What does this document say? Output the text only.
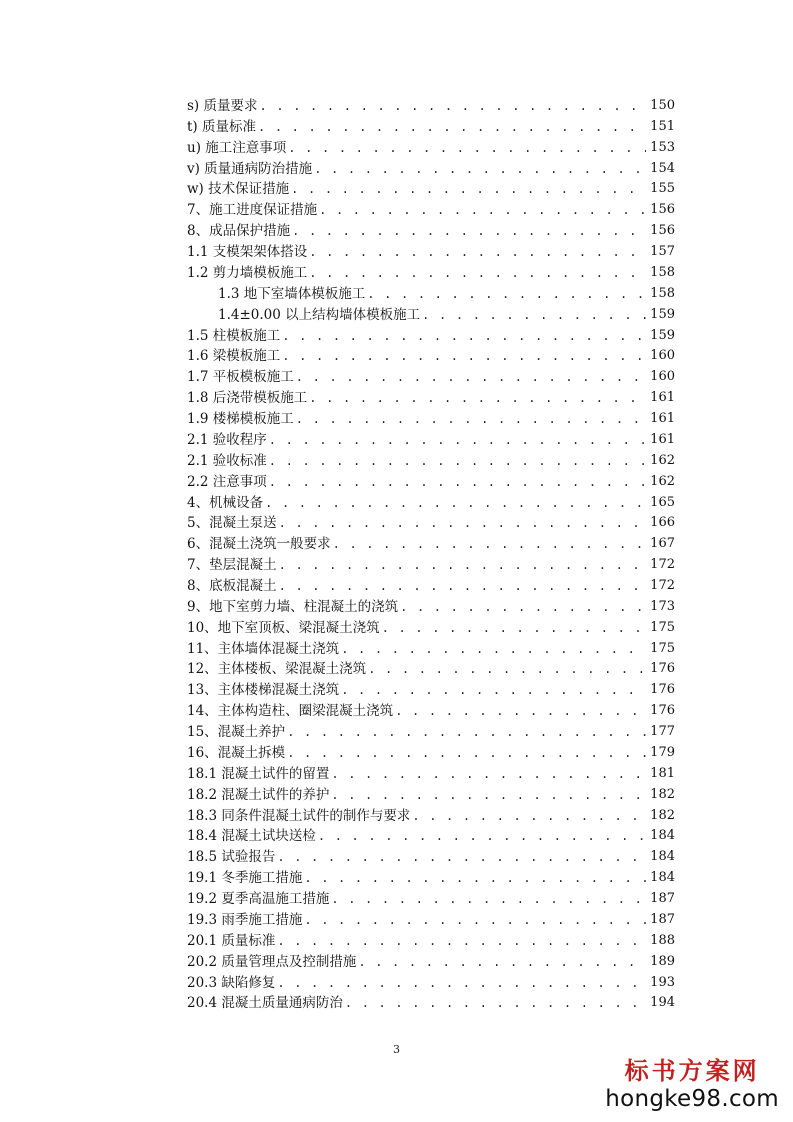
s) 质量要求 . . .	150
t) 质量标准 . . .	151
u) 施工注意事项 . . .	153
v) 质量通病防治措施 . . .	154
w) 技术保证措施 . . .	155
7、施工进度保证措施 . . .	156
8、成品保护措施 . . .	156
1.1 支模架架体搭设 . . .	157
1.2 剪力墙模板施工 . . .	158
1.3 地下室墙体模板施工 . . .	158
1.4±0.00 以上结构墙体模板施工 . . .	159
1.5 柱模板施工 . . .	159
1.6 梁模板施工 . . .	160
1.7 平板模板施工 . . .	160
1.8 后浇带模板施工 . . .	161
1.9 楼梯模板施工 . . .	161
2.1 验收程序 . . .	161
2.1 验收标准 . . .	162
2.2 注意事项 . . .	162
4、机械设备 . . .	165
5、混凝土泵送 . . .	166
6、混凝土浇筑一般要求 . . .	167
7、垫层混凝土 . . .	172
8、底板混凝土 . . .	172
9、地下室剪力墙、柱混凝土的浇筑 . . .	173
10、地下室顶板、梁混凝土浇筑 . . .	175
11、主体墙体混凝土浇筑 . . .	175
12、主体楼板、梁混凝土浇筑 . . .	176
13、主体楼梯混凝土浇筑 . . .	176
14、主体构造柱、圈梁混凝土浇筑 . . .	176
15、混凝土养护 . . .	177
16、混凝土拆模 . . .	179
18.1 混凝土试件的留置 . . .	181
18.2 混凝土试件的养护 . . .	182
18.3 同条件混凝土试件的制作与要求 . . .	182
18.4 混凝土试块送检 . . .	184
18.5 试验报告 . . .	184
19.1 冬季施工措施 . . .	184
19.2 夏季高温施工措施 . . .	187
19.3 雨季施工措施 . . .	187
20.1 质量标准 . . .	188
20.2 质量管理点及控制措施 . . .	189
20.3 缺陷修复 . . .	193
20.4 混凝土质量通病防治 . . .	194
3
标书方案网
hongke98.com
